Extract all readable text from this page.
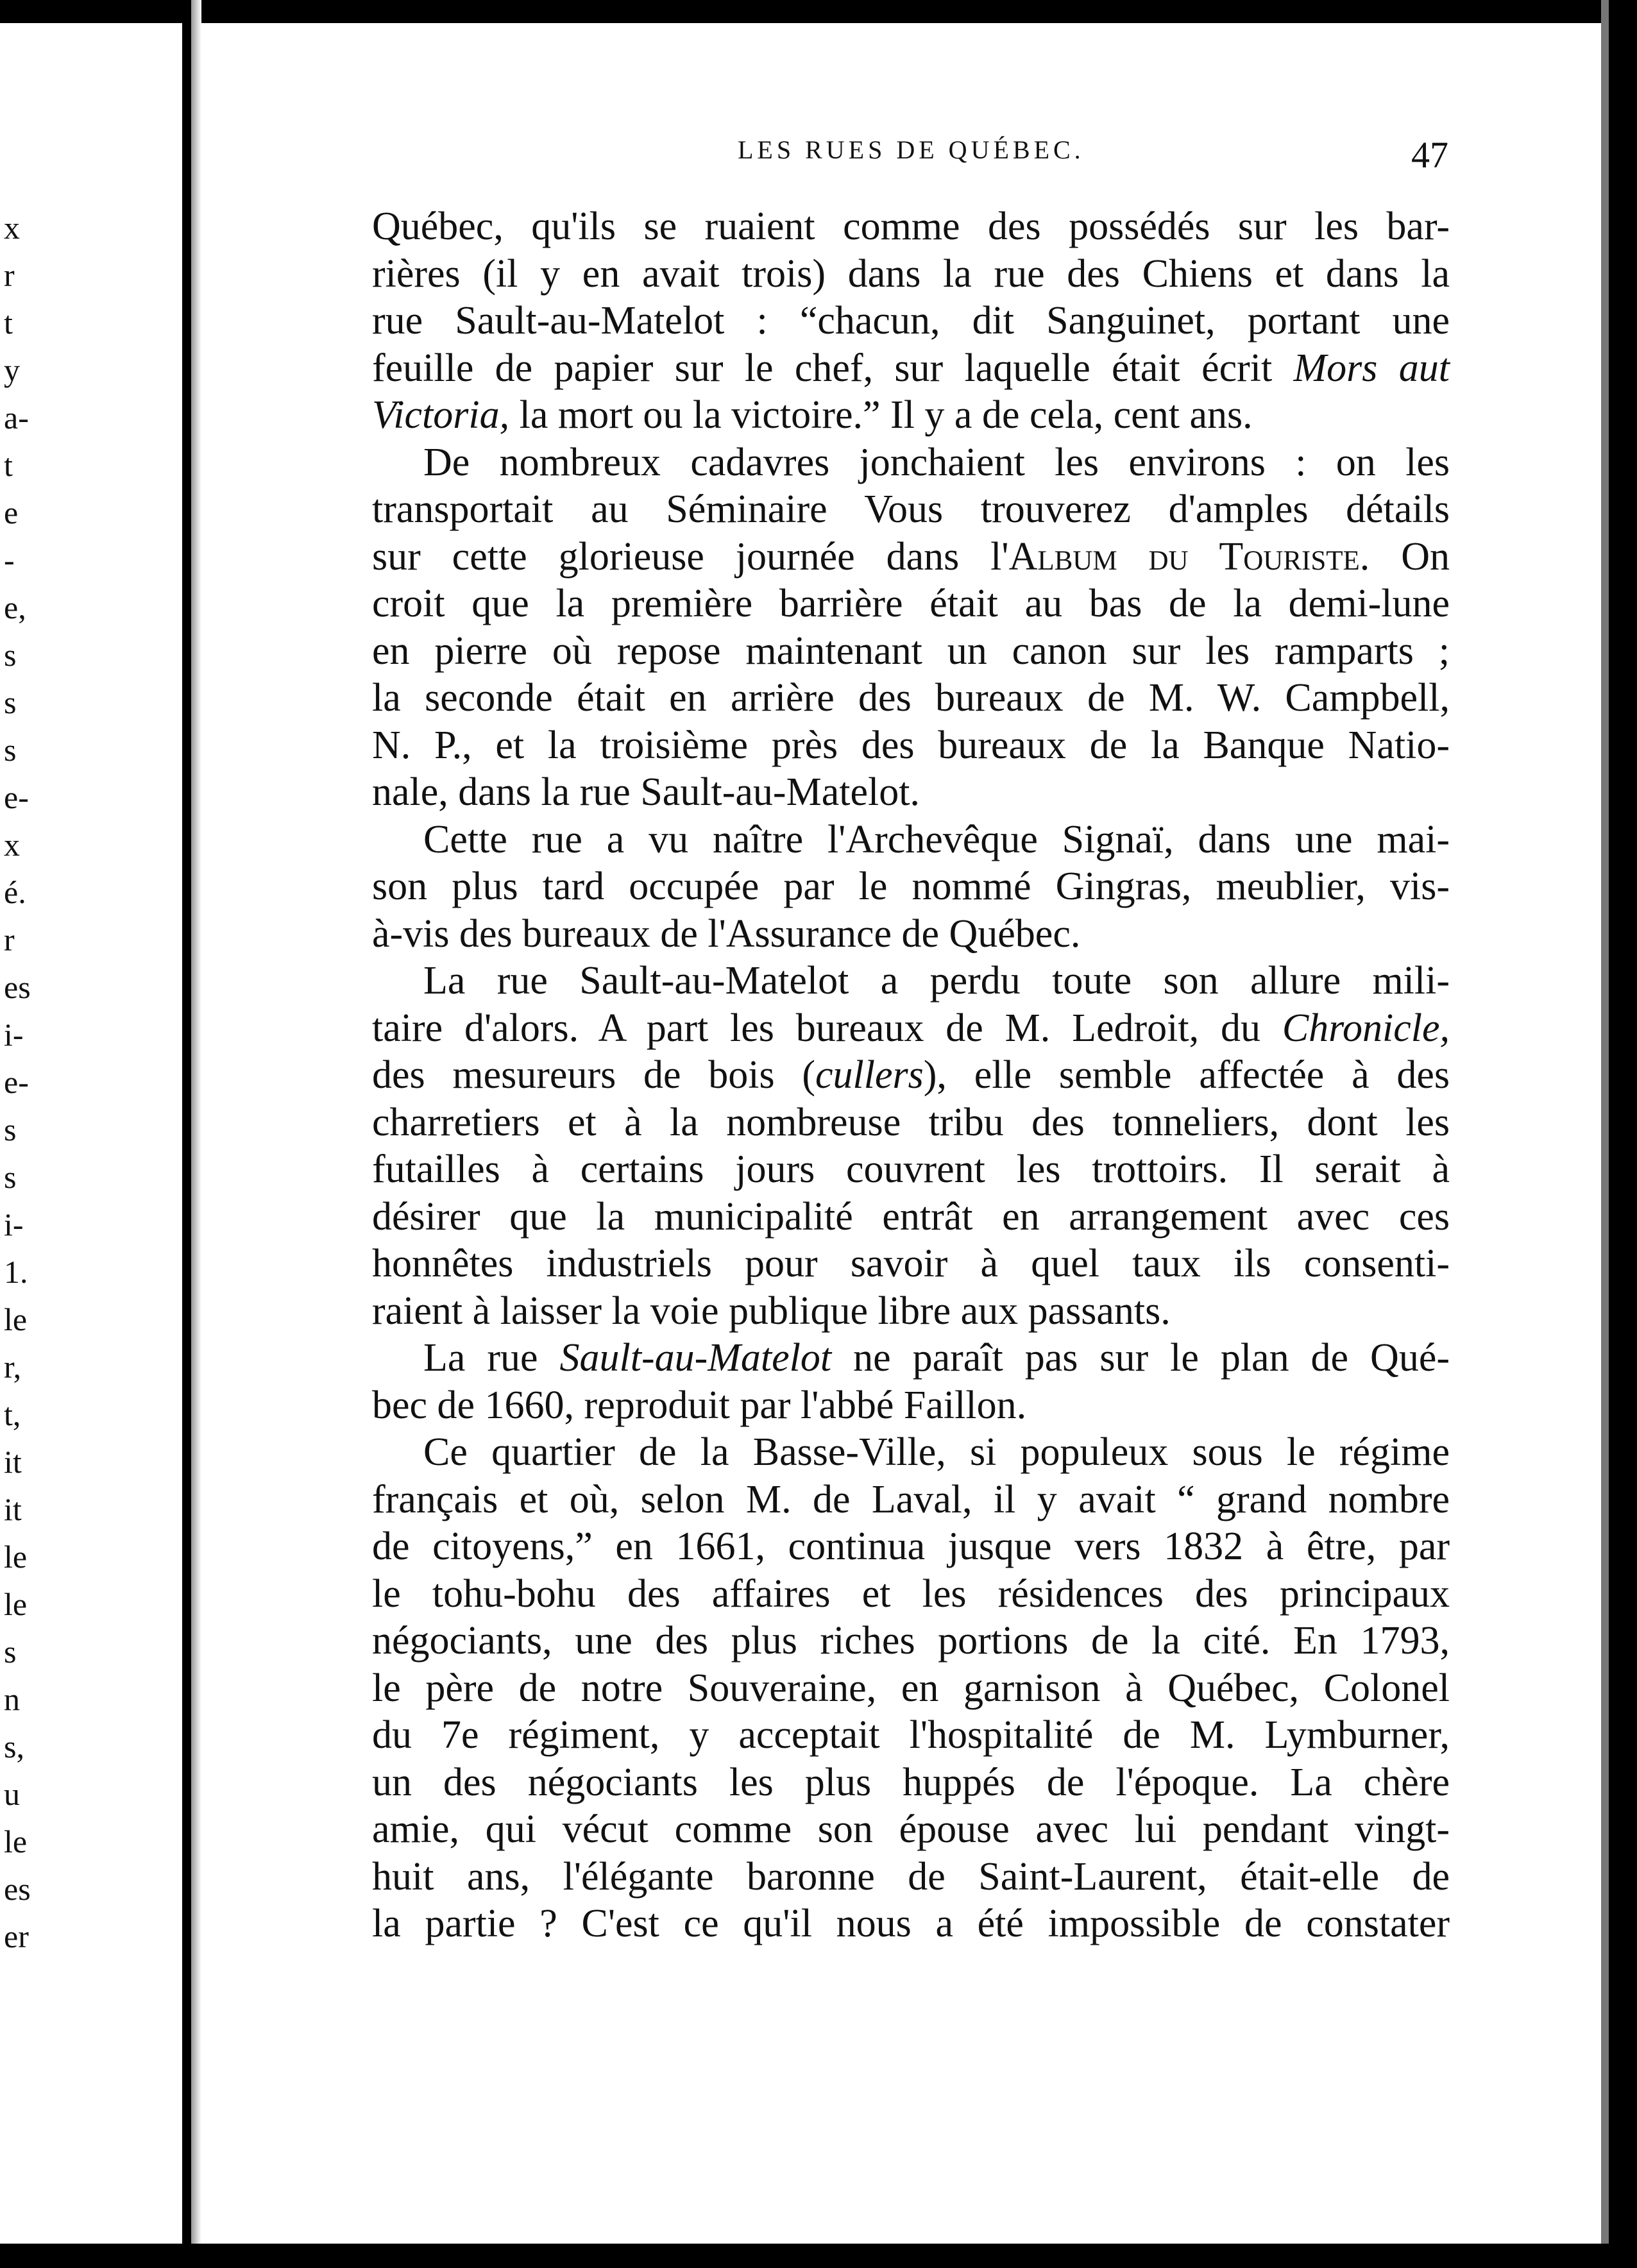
x
r
t
y
a-
t
e
-
e,
s
s
s
e-
x
é.
r
es
i-
e-
s
s
i-
1.
le
r,
t,
it
it
le
le
s
n
s,
u
le
es
er
LES RUES DE QUÉBEC.	47
Québec, qu'ils se ruaient comme des possédés sur les bar-
rières (il y en avait trois) dans la rue des Chiens et dans la
rue Sault-au-Matelot : “chacun, dit Sanguinet, portant une
feuille de papier sur le chef, sur laquelle était écrit Mors aut
Victoria, la mort ou la victoire.” Il y a de cela, cent ans.
De nombreux cadavres jonchaient les environs : on les
transportait au Séminaire Vous trouverez d'amples détails
sur cette glorieuse journée dans l'Album du Touriste. On
croit que la première barrière était au bas de la demi-lune
en pierre où repose maintenant un canon sur les ramparts ;
la seconde était en arrière des bureaux de M. W. Campbell,
N. P., et la troisième près des bureaux de la Banque Natio-
nale, dans la rue Sault-au-Matelot.
Cette rue a vu naître l'Archevêque Signaï, dans une mai-
son plus tard occupée par le nommé Gingras, meublier, vis-
à-vis des bureaux de l'Assurance de Québec.
La rue Sault-au-Matelot a perdu toute son allure mili-
taire d'alors. A part les bureaux de M. Ledroit, du Chronicle,
des mesureurs de bois (cullers), elle semble affectée à des
charretiers et à la nombreuse tribu des tonneliers, dont les
futailles à certains jours couvrent les trottoirs. Il serait à
désirer que la municipalité entrât en arrangement avec ces
honnêtes industriels pour savoir à quel taux ils consenti-
raient à laisser la voie publique libre aux passants.
La rue Sault-au-Matelot ne paraît pas sur le plan de Qué-
bec de 1660, reproduit par l'abbé Faillon.
Ce quartier de la Basse-Ville, si populeux sous le régime
français et où, selon M. de Laval, il y avait “ grand nombre
de citoyens,” en 1661, continua jusque vers 1832 à être, par
le tohu-bohu des affaires et les résidences des principaux
négociants, une des plus riches portions de la cité. En 1793,
le père de notre Souveraine, en garnison à Québec, Colonel
du 7e régiment, y acceptait l'hospitalité de M. Lymburner,
un des négociants les plus huppés de l'époque. La chère
amie, qui vécut comme son épouse avec lui pendant vingt-
huit ans, l'élégante baronne de Saint-Laurent, était-elle de
la partie ? C'est ce qu'il nous a été impossible de constater
